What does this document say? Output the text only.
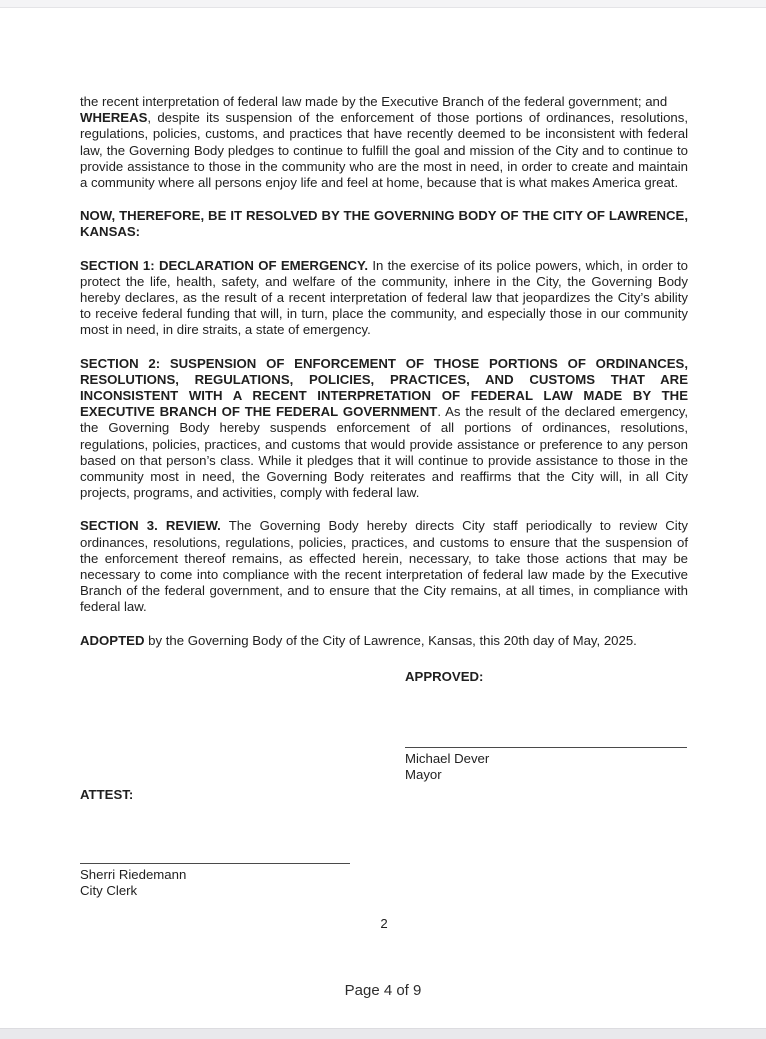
the recent interpretation of federal law made by the Executive Branch of the federal government; and

WHEREAS, despite its suspension of the enforcement of those portions of ordinances, resolutions, regulations, policies, customs, and practices that have recently deemed to be inconsistent with federal law, the Governing Body pledges to continue to fulfill the goal and mission of the City and to continue to provide assistance to those in the community who are the most in need, in order to create and maintain a community where all persons enjoy life and feel at home, because that is what makes America great.

NOW, THEREFORE, BE IT RESOLVED BY THE GOVERNING BODY OF THE CITY OF LAWRENCE, KANSAS:

SECTION 1: DECLARATION OF EMERGENCY. In the exercise of its police powers, which, in order to protect the life, health, safety, and welfare of the community, inhere in the City, the Governing Body hereby declares, as the result of a recent interpretation of federal law that jeopardizes the City’s ability to receive federal funding that will, in turn, place the community, and especially those in our community most in need, in dire straits, a state of emergency.

SECTION 2: SUSPENSION OF ENFORCEMENT OF THOSE PORTIONS OF ORDINANCES, RESOLUTIONS, REGULATIONS, POLICIES, PRACTICES, AND CUSTOMS THAT ARE INCONSISTENT WITH A RECENT INTERPRETATION OF FEDERAL LAW MADE BY THE EXECUTIVE BRANCH OF THE FEDERAL GOVERNMENT. As the result of the declared emergency, the Governing Body hereby suspends enforcement of all portions of ordinances, resolutions, regulations, policies, practices, and customs that would provide assistance or preference to any person based on that person’s class. While it pledges that it will continue to provide assistance to those in the community most in need, the Governing Body reiterates and reaffirms that the City will, in all City projects, programs, and activities, comply with federal law.

SECTION 3. REVIEW. The Governing Body hereby directs City staff periodically to review City ordinances, resolutions, regulations, policies, practices, and customs to ensure that the suspension of the enforcement thereof remains, as effected herein, necessary, to take those actions that may be necessary to come into compliance with the recent interpretation of federal law made by the Executive Branch of the federal government, and to ensure that the City remains, at all times, in compliance with federal law.

ADOPTED by the Governing Body of the City of Lawrence, Kansas, this 20th day of May, 2025.

APPROVED:
Michael Dever
Mayor
ATTEST:
Sherri Riedemann
City Clerk
2
Page 4 of 9
